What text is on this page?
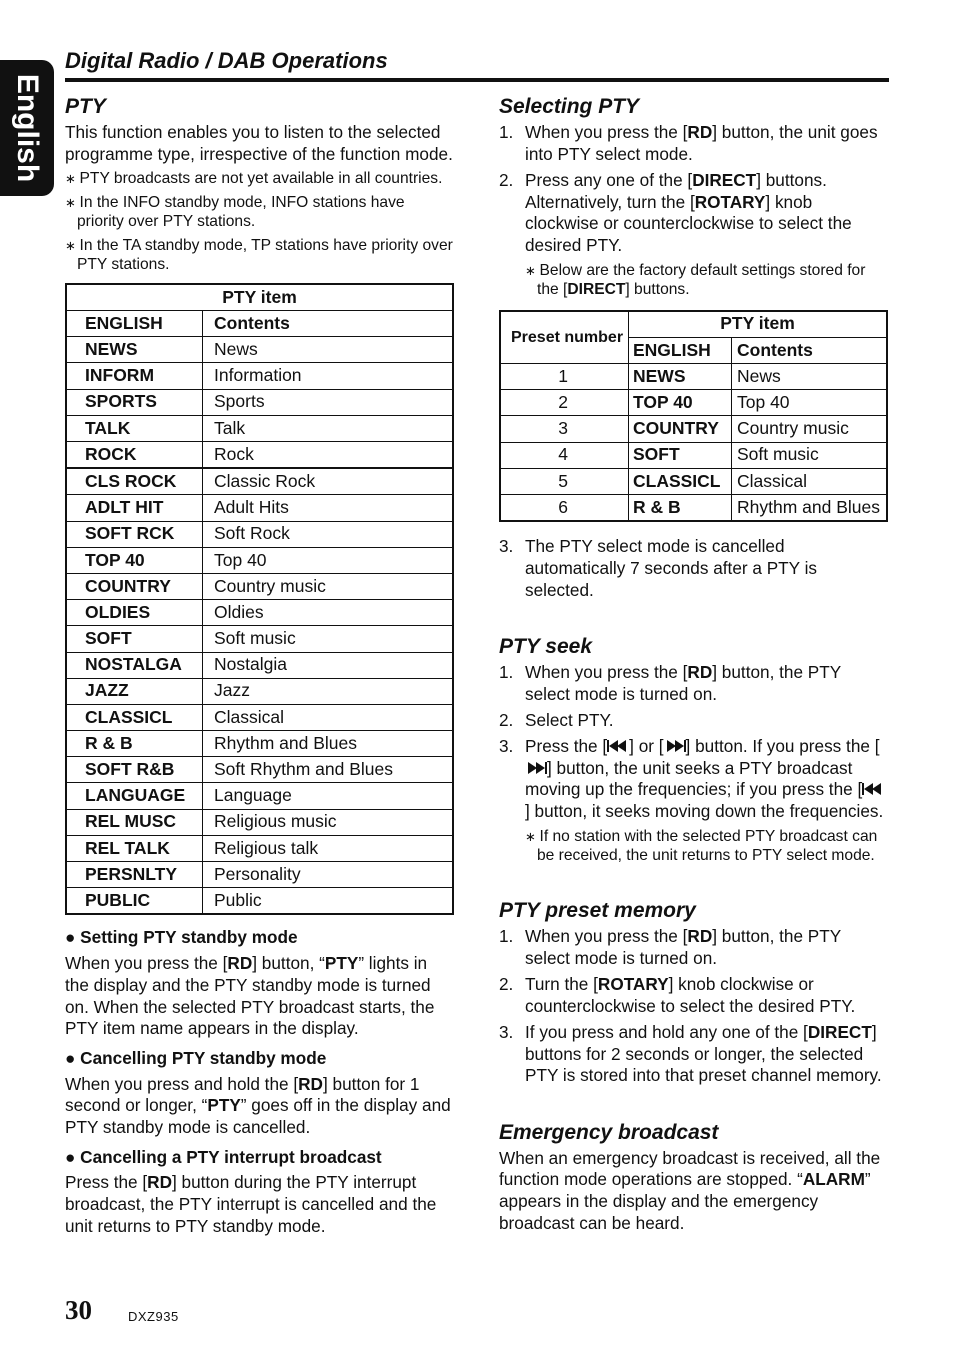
English
Digital Radio / DAB Operations
PTY

This function enables you to listen to the selected programme type, irrespective of the function mode.

∗ PTY broadcasts are not yet available in all countries.

∗ In the INFO standby mode, INFO stations have priority over PTY stations.

∗ In the TA standby mode, TP stations have priority over PTY stations.

PTY item	
ENGLISH	Contents
NEWS	News
INFORM	Information
SPORTS	Sports
TALK	Talk
ROCK	Rock
CLS ROCK	Classic Rock
ADLT HIT	Adult Hits
SOFT RCK	Soft Rock
TOP 40	Top 40
COUNTRY	Country music
OLDIES	Oldies
SOFT	Soft music
NOSTALGA	Nostalgia
JAZZ	Jazz
CLASSICL	Classical
R & B	Rhythm and Blues
SOFT R&B	Soft Rhythm and Blues
LANGUAGE	Language
REL MUSC	Religious music
REL TALK	Religious talk
PERSNLTY	Personality
PUBLIC	Public

● Setting PTY standby mode

When you press the [RD] button, “PTY” lights in the display and the PTY standby mode is turned on. When the selected PTY broadcast starts, the PTY item name appears in the display.

● Cancelling PTY standby mode

When you press and hold the [RD] button for 1 second or longer, “PTY” goes off in the display and PTY standby mode is cancelled.

● Cancelling a PTY interrupt broadcast

Press the [RD] button during the PTY interrupt broadcast, the PTY interrupt is cancelled and the unit returns to PTY standby mode.

Selecting PTY
1. When you press the [RD] button, the unit goes into PTY select mode.
2. Press any one of the [DIRECT] buttons. Alternatively, turn the [ROTARY] knob clockwise or counterclockwise to select the desired PTY.

∗ Below are the factory default settings stored for the [DIRECT] buttons.

Preset number	PTY item	
	ENGLISH	Contents
1	NEWS	News
2	TOP 40	Top 40
3	COUNTRY	Country music
4	SOFT	Soft music
5	CLASSICL	Classical
6	R & B	Rhythm and Blues
3. The PTY select mode is cancelled automatically 7 seconds after a PTY is selected.
PTY seek
1. When you press the [RD] button, the PTY select mode is turned on.
2. Select PTY.
3. Press the [ ] or [ ] button. If you press the [] button, the unit seeks a PTY broadcast moving up the frequencies; if you press the [] button, it seeks moving down the frequencies.

∗ If no station with the selected PTY broadcast can be received, the unit returns to PTY select mode.

PTY preset memory
1. When you press the [RD] button, the PTY select mode is turned on.
2. Turn the [ROTARY] knob clockwise or counterclockwise to select the desired PTY.
3. If you press and hold any one of the [DIRECT] buttons for 2 seconds or longer, the selected PTY is stored into that preset channel memory.
Emergency broadcast

When an emergency broadcast is received, all the function mode operations are stopped. “ALARM” appears in the display and the emergency broadcast can be heard.

30	DXZ935
